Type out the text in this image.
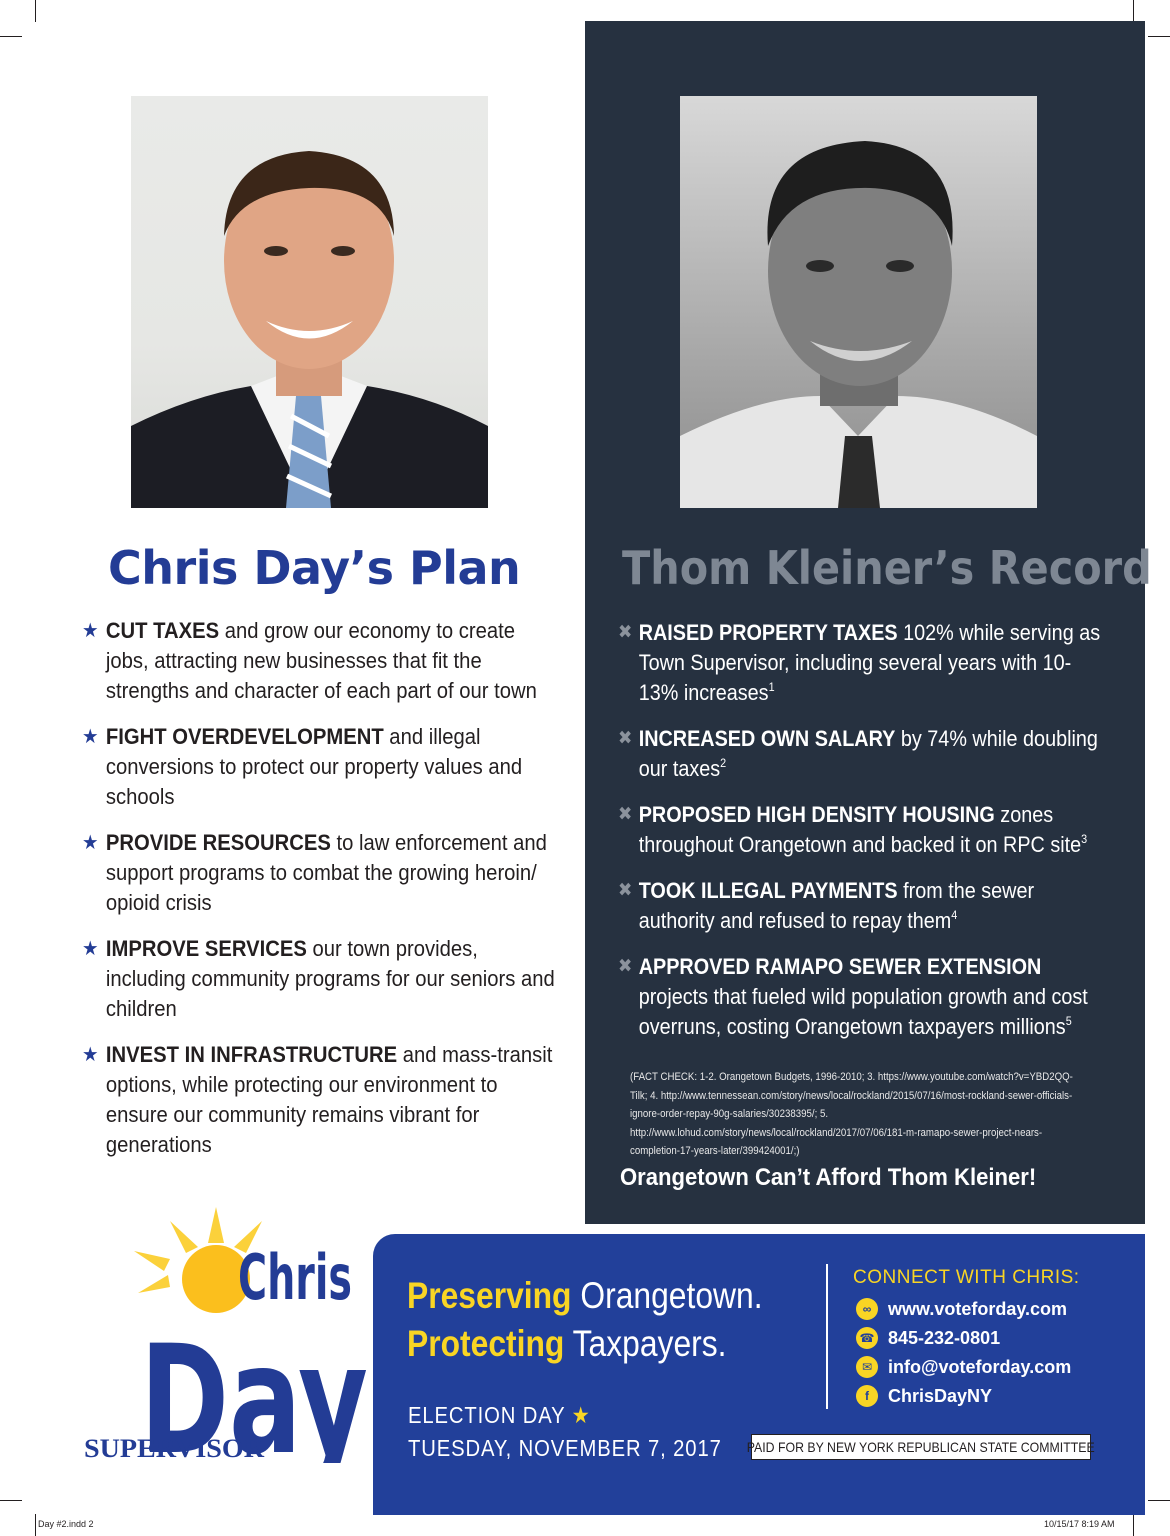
Chris Day’s Plan
★ CUT TAXES and grow our economy to create jobs, attracting new businesses that fit the strengths and character of each part of our town
★ FIGHT OVERDEVELOPMENT and illegal conversions to protect our property values and schools
★ PROVIDE RESOURCES to law enforcement and support programs to combat the growing heroin/ opioid crisis
★ IMPROVE SERVICES our town provides, including community programs for our seniors and children
★ INVEST IN INFRASTRUCTURE and mass-transit options, while protecting our environment to ensure our community remains vibrant for generations
Thom Kleiner’s Record
✖ RAISED PROPERTY TAXES 102% while serving as Town Supervisor, including several years with 10-13% increases$^1$
✖ INCREASED OWN SALARY by 74% while doubling our taxes$^2$
✖ PROPOSED HIGH DENSITY HOUSING zones throughout Orangetown and backed it on RPC site$^3$
✖ TOOK ILLEGAL PAYMENTS from the sewer authority and refused to repay them$^4$
✖ APPROVED RAMAPO SEWER EXTENSION projects that fueled wild population growth and cost overruns, costing Orangetown taxpayers millions$^5$

(FACT CHECK: 1-2. Orangetown Budgets, 1996-2010; 3. https://www.youtube.com/watch?v=YBD2QQ-Tilk; 4. http://www.tennessean.com/story/news/local/rockland/2015/07/16/most-rockland-sewer-officials-ignore-order-repay-90g-salaries/30238395/; 5. http://www.lohud.com/story/news/local/rockland/2017/07/06/181-m-ramapo-sewer-project-nears-completion-17-years-later/399424001/;)

Orangetown Can’t Afford Thom Kleiner!

Day
Chris
SUPERVISOR
Preserving Orangetown.
Protecting Taxpayers.
ELECTION DAY ★
TUESDAY, NOVEMBER 7, 2017
CONNECT WITH CHRIS:
∞ www.voteforday.com
☎ 845-232-0801
✉ info@voteforday.com
f	ChrisDayNY
PAID FOR BY NEW YORK REPUBLICAN STATE COMMITTEE
Day #2.indd 2	10/15/17 8:19 AM
